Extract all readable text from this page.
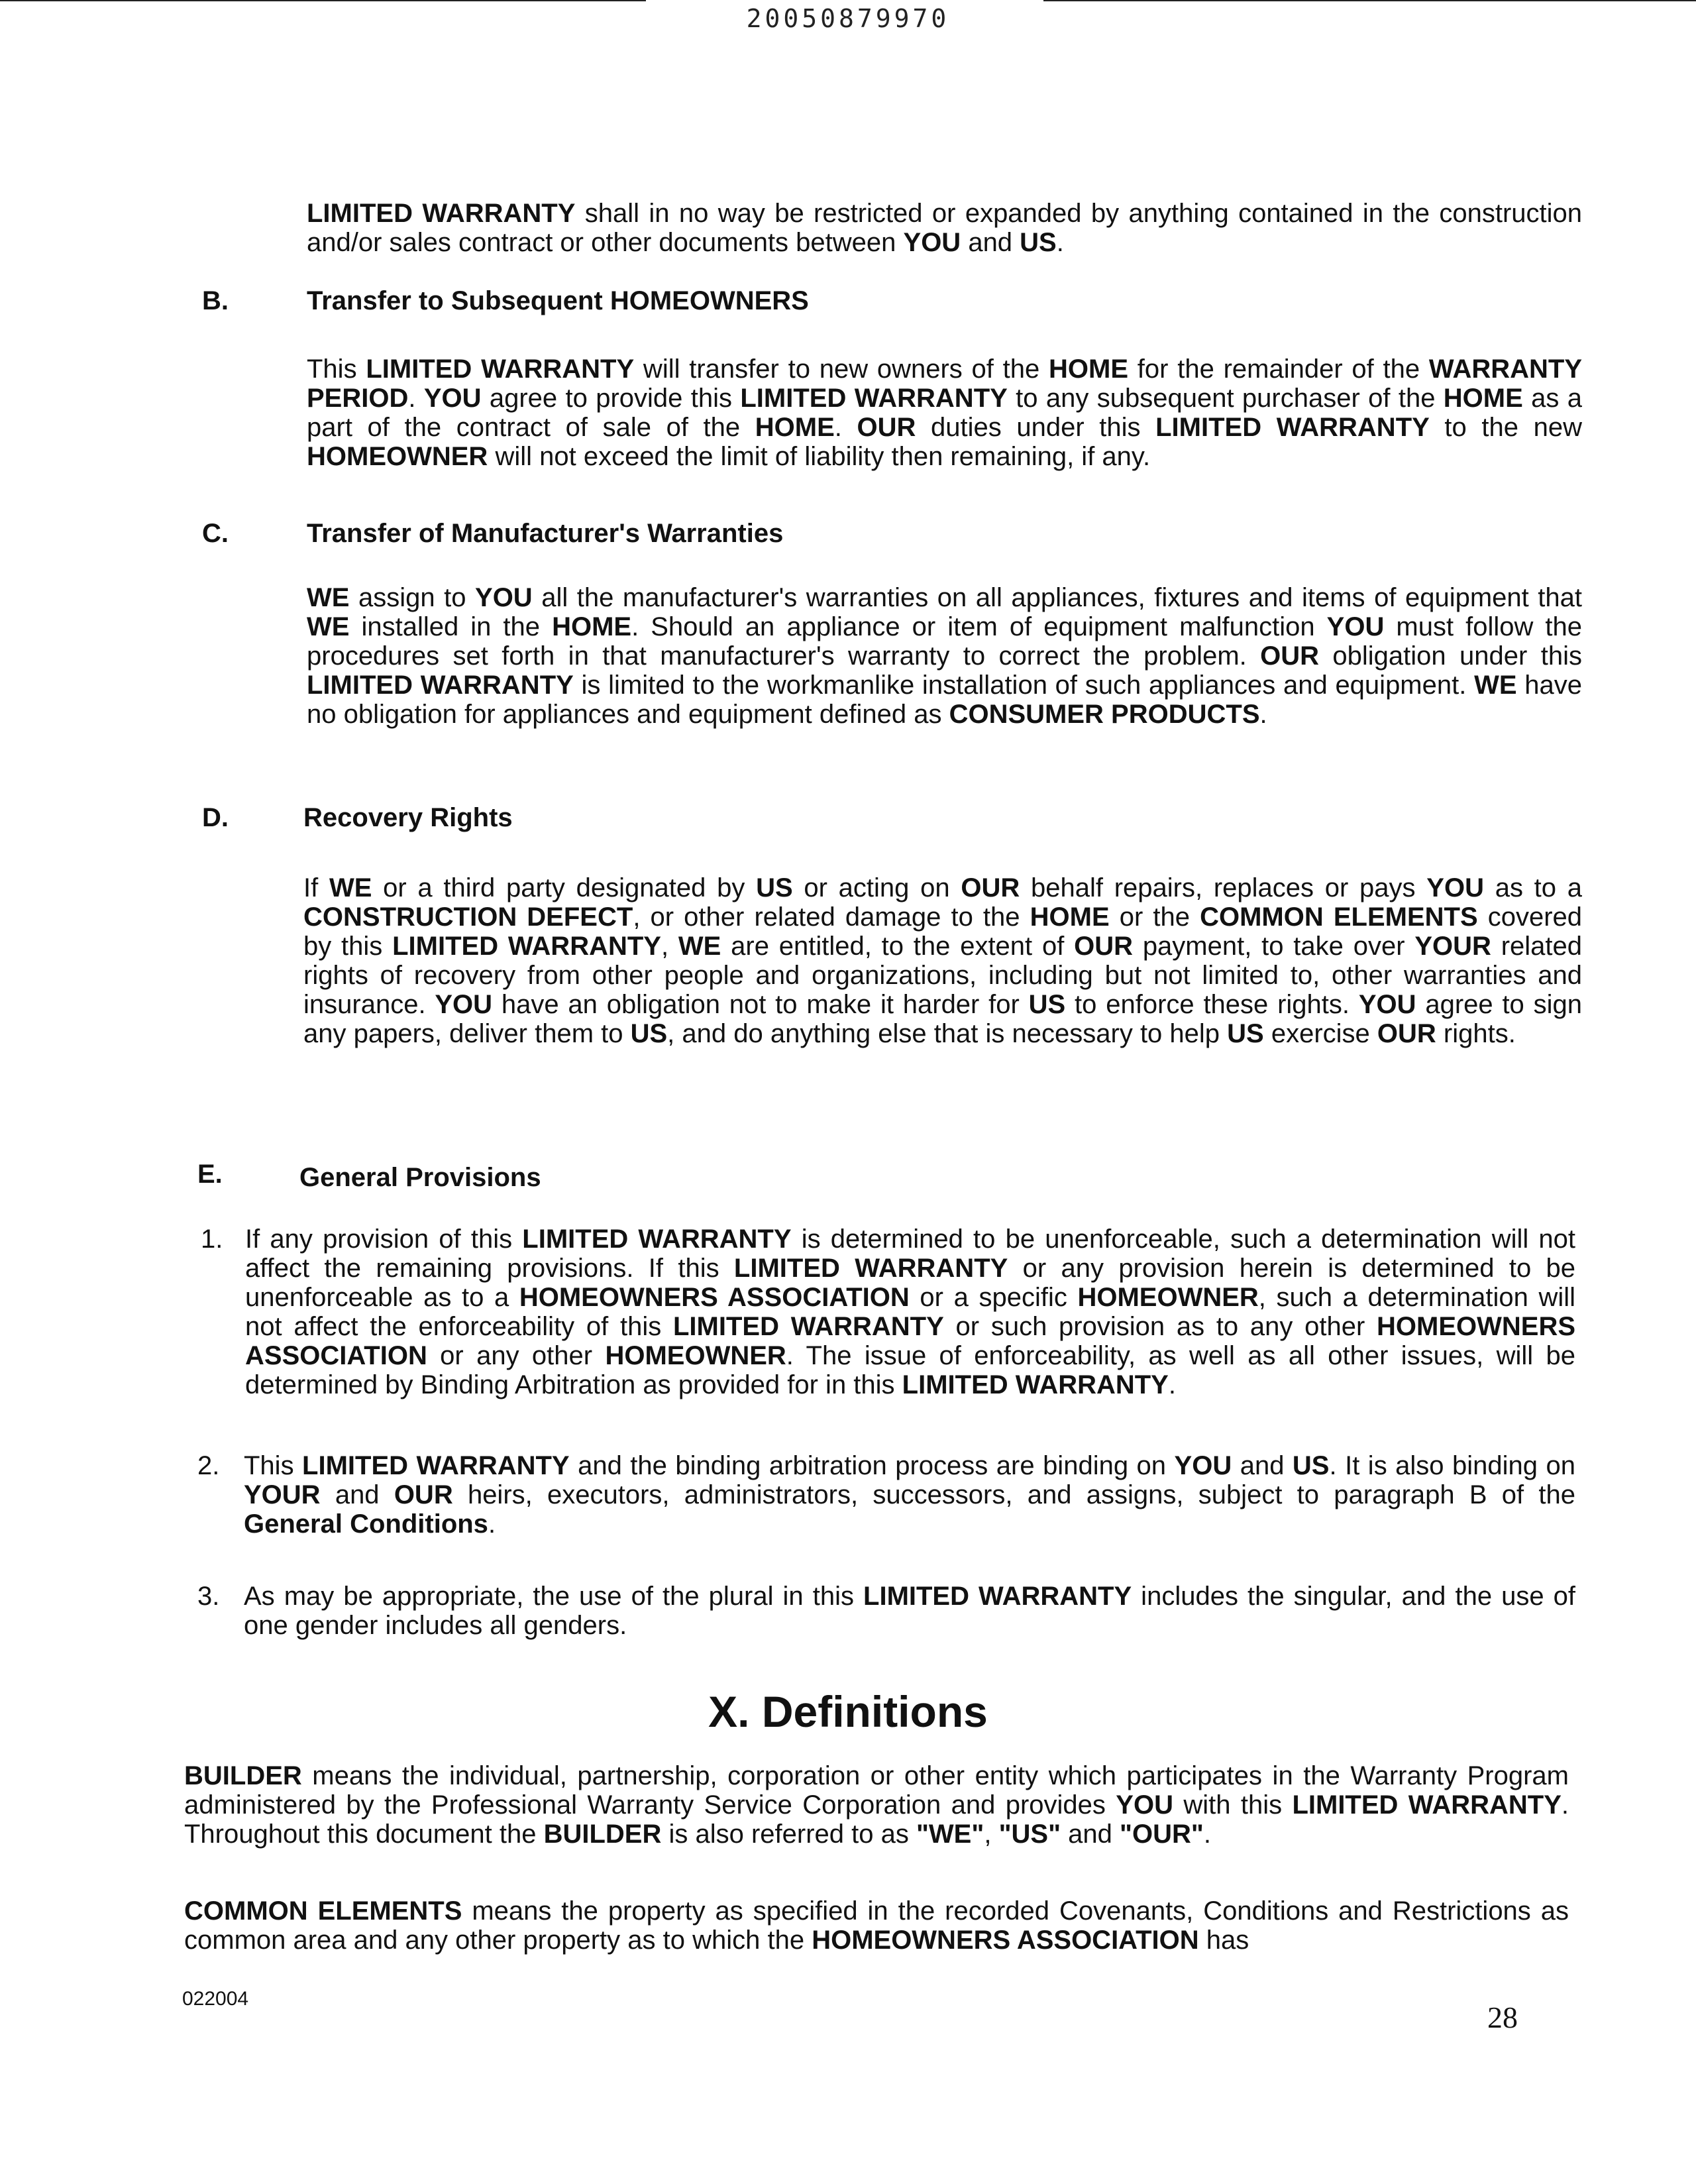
20050879970

LIMITED WARRANTY shall in no way be restricted or expanded by anything contained in the construction and/or sales contract or other documents between YOU and US.

B.	Transfer to Subsequent HOMEOWNERS

This LIMITED WARRANTY will transfer to new owners of the HOME for the remainder of the WARRANTY PERIOD. YOU agree to provide this LIMITED WARRANTY to any subsequent purchaser of the HOME as a part of the contract of sale of the HOME. OUR duties under this LIMITED WARRANTY to the new HOMEOWNER will not exceed the limit of liability then remaining, if any.

C.	Transfer of Manufacturer's Warranties

WE assign to YOU all the manufacturer's warranties on all appliances, fixtures and items of equipment that WE installed in the HOME. Should an appliance or item of equipment malfunction YOU must follow the procedures set forth in that manufacturer's warranty to correct the problem. OUR obligation under this LIMITED WARRANTY is limited to the workmanlike installation of such appliances and equipment. WE have no obligation for appliances and equipment defined as CONSUMER PRODUCTS.

D.	Recovery Rights

If WE or a third party designated by US or acting on OUR behalf repairs, replaces or pays YOU as to a CONSTRUCTION DEFECT, or other related damage to the HOME or the COMMON ELEMENTS covered by this LIMITED WARRANTY, WE are entitled, to the extent of OUR payment, to take over YOUR related rights of recovery from other people and organizations, including but not limited to, other warranties and insurance. YOU have an obligation not to make it harder for US to enforce these rights. YOU agree to sign any papers, deliver them to US, and do anything else that is necessary to help US exercise OUR rights.

E.	General Provisions

1. If any provision of this LIMITED WARRANTY is determined to be unenforceable, such a determination will not affect the remaining provisions. If this LIMITED WARRANTY or any provision herein is determined to be unenforceable as to a HOMEOWNERS ASSOCIATION or a specific HOMEOWNER, such a determination will not affect the enforceability of this LIMITED WARRANTY or such provision as to any other HOMEOWNERS ASSOCIATION or any other HOMEOWNER. The issue of enforceability, as well as all other issues, will be determined by Binding Arbitration as provided for in this LIMITED WARRANTY.

2. This LIMITED WARRANTY and the binding arbitration process are binding on YOU and US. It is also binding on YOUR and OUR heirs, executors, administrators, successors, and assigns, subject to paragraph B of the General Conditions.

3. As may be appropriate, the use of the plural in this LIMITED WARRANTY includes the singular, and the use of one gender includes all genders.

X. Definitions

BUILDER means the individual, partnership, corporation or other entity which participates in the Warranty Program administered by the Professional Warranty Service Corporation and provides YOU with this LIMITED WARRANTY. Throughout this document the BUILDER is also referred to as "WE", "US" and "OUR".

COMMON ELEMENTS means the property as specified in the recorded Covenants, Conditions and Restrictions as common area and any other property as to which the HOMEOWNERS ASSOCIATION has

022004
28
